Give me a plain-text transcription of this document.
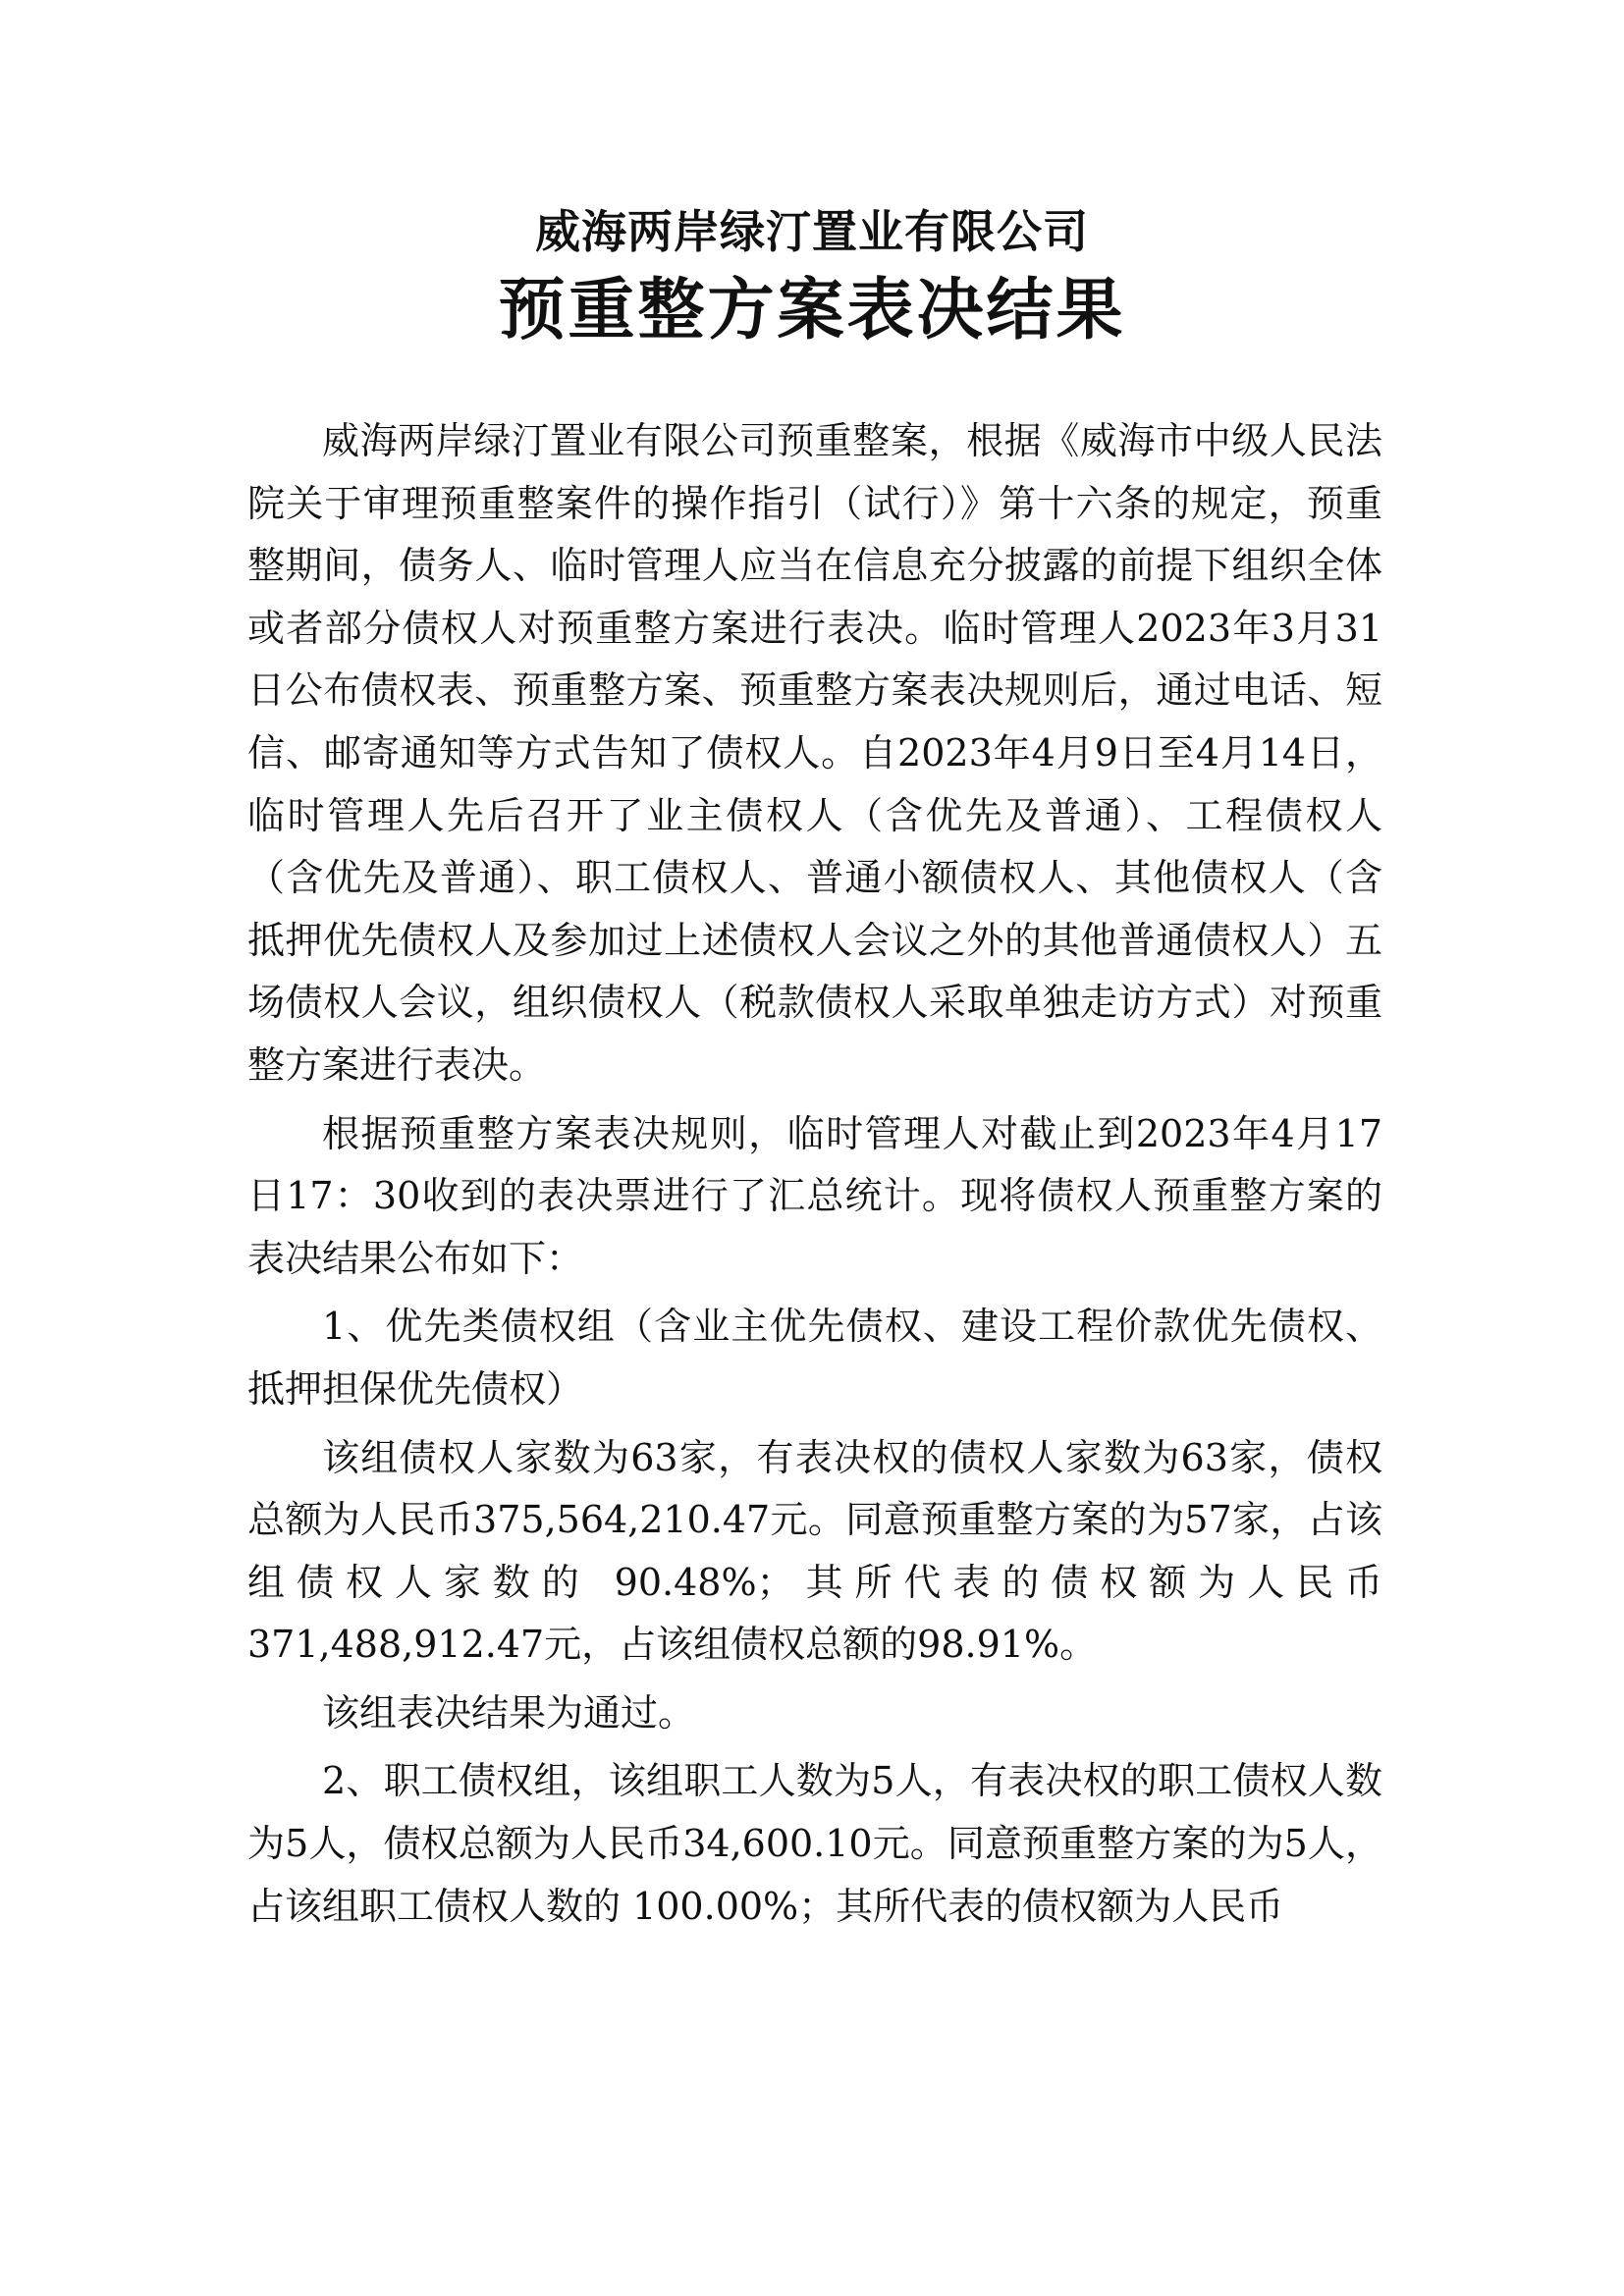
威海两岸绿汀置业有限公司
预重整方案表决结果

威海两岸绿汀置业有限公司预重整案，根据《威海市中级人民法院关于审理预重整案件的操作指引（试行）》第十六条的规定，预重整期间，债务人、临时管理人应当在信息充分披露的前提下组织全体或者部分债权人对预重整方案进行表决。临时管理人2023年3月31日公布债权表、预重整方案、预重整方案表决规则后，通过电话、短信、邮寄通知等方式告知了债权人。自2023年4月9日至4月14日，临时管理人先后召开了业主债权人（含优先及普通）、工程债权人（含优先及普通）、职工债权人、普通小额债权人、其他债权人（含抵押优先债权人及参加过上述债权人会议之外的其他普通债权人）五场债权人会议，组织债权人（税款债权人采取单独走访方式）对预重整方案进行表决。

根据预重整方案表决规则，临时管理人对截止到2023年4月17日17：30收到的表决票进行了汇总统计。现将债权人预重整方案的表决结果公布如下：

1、优先类债权组（含业主优先债权、建设工程价款优先债权、抵押担保优先债权）

该组债权人家数为63家，有表决权的债权人家数为63家，债权总额为人民币375,564,210.47元。同意预重整方案的为57家，占该组债权人家数的 90.48%；其所代表的债权额为人民币371,488,912.47元，占该组债权总额的98.91%。

该组表决结果为通过。

2、职工债权组，该组职工人数为5人，有表决权的职工债权人数为5人，债权总额为人民币34,600.10元。同意预重整方案的为5人，占该组职工债权人数的 100.00%；其所代表的债权额为人民币
